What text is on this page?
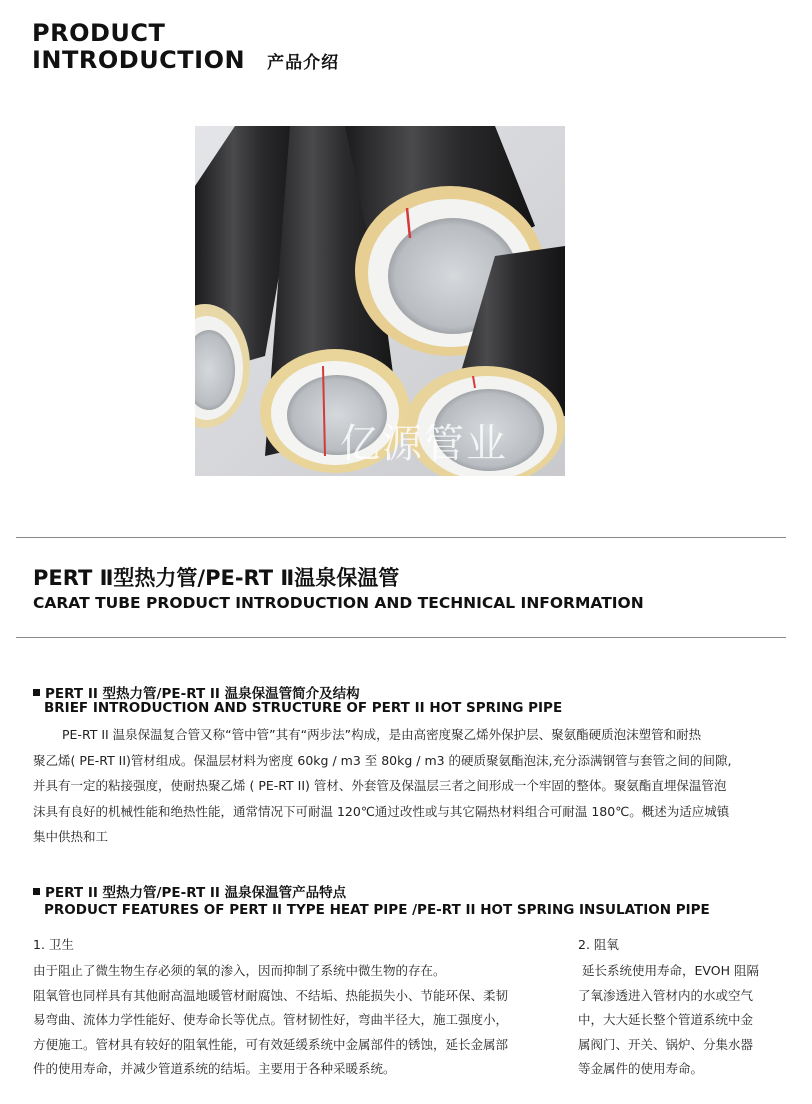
PRODUCT
INTRODUCTION 产品介绍
亿源管业
PERT Ⅱ型热力管/PE-RT Ⅱ温泉保温管
CARAT TUBE PRODUCT INTRODUCTION AND TECHNICAL INFORMATION
PERT II 型热力管/PE-RT II 温泉保温管简介及结构
BRIEF INTRODUCTION AND STRUCTURE OF PERT II HOT SPRING PIPE
PE-RT II 温泉保温复合管又称“管中管”其有“两步法”构成，是由高密度聚乙烯外保护层、聚氨酯硬质泡沫塑管和耐热
聚乙烯( PE-RT II)管材组成。保温层材料为密度 60kg / m3 至 80kg / m3 的硬质聚氨酯泡沫,充分添满钢管与套管之间的间隙,
并具有一定的粘接强度，使耐热聚乙烯 ( PE-RT II) 管材、外套管及保温层三者之间形成一个牢固的整体。聚氨酯直埋保温管泡
沫具有良好的机械性能和绝热性能，通常情况下可耐温 120℃通过改性或与其它隔热材料组合可耐温 180℃。概述为适应城镇
集中供热和工
PERT II 型热力管/PE-RT II 温泉保温管产品特点
PRODUCT FEATURES OF PERT II TYPE HEAT PIPE /PE-RT II HOT SPRING INSULATION PIPE
1. 卫生
由于阻止了微生物生存必须的氧的渗入，因而抑制了系统中微生物的存在。
阻氧管也同样具有其他耐高温地暖管材耐腐蚀、不结垢、热能损失小、节能环保、柔韧
易弯曲、流体力学性能好、使寿命长等优点。管材韧性好，弯曲半径大，施工强度小，
方便施工。管材具有较好的阻氧性能，可有效延缓系统中金属部件的锈蚀，延长金属部
件的使用寿命，并减少管道系统的结垢。主要用于各种采暖系统。
2. 阻氧
延长系统使用寿命，EVOH 阻隔
了氧渗透进入管材内的水或空气
中，大大延长整个管道系统中金
属阀门、开关、锅炉、分集水器
等金属件的使用寿命。
